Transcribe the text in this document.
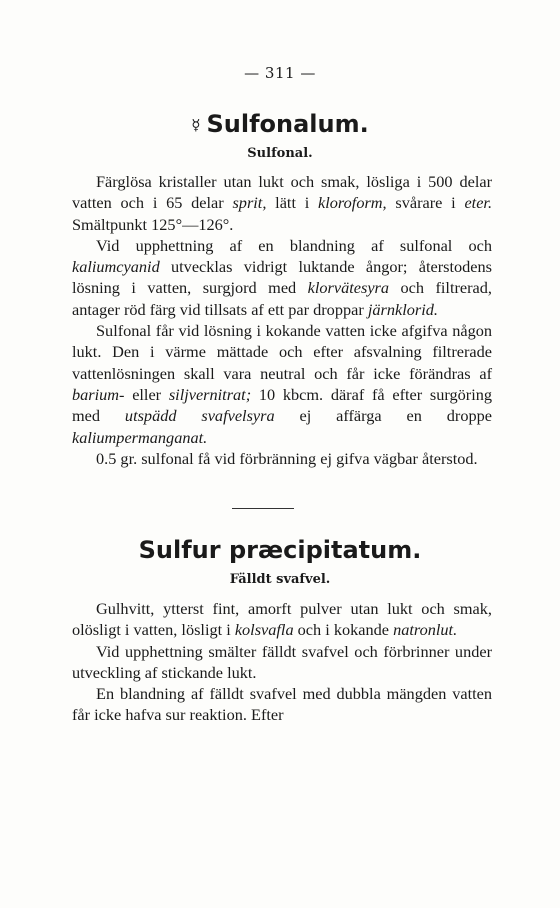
— 311 —
☿ Sulfonalum.
Sulfonal.

Färglösa kristaller utan lukt och smak, lösliga i 500 delar vatten och i 65 delar sprit, lätt i kloroform, svårare i eter. Smältpunkt 125°—126°.

Vid upphettning af en blandning af sulfonal och kaliumcyanid utvecklas vidrigt luktande ångor; återstodens lösning i vatten, surgjord med klorvätesyra och filtrerad, antager röd färg vid tillsats af ett par droppar järnklorid.

Sulfonal får vid lösning i kokande vatten icke afgifva någon lukt. Den i värme mättade och efter afsvalning filtrerade vattenlösningen skall vara neutral och får icke förändras af barium- eller siljvernitrat; 10 kbcm. däraf få efter surgöring med utspädd svafvelsyra ej affärga en droppe kaliumpermanganat.

0.5 gr. sulfonal få vid förbränning ej gifva vägbar återstod.

Sulfur præcipitatum.
Fälldt svafvel.

Gulhvitt, ytterst fint, amorft pulver utan lukt och smak, olösligt i vatten, lösligt i kolsvafla och i kokande natronlut.

Vid upphettning smälter fälldt svafvel och förbrinner under utveckling af stickande lukt.

En blandning af fälldt svafvel med dubbla mängden vatten får icke hafva sur reaktion. Efter
